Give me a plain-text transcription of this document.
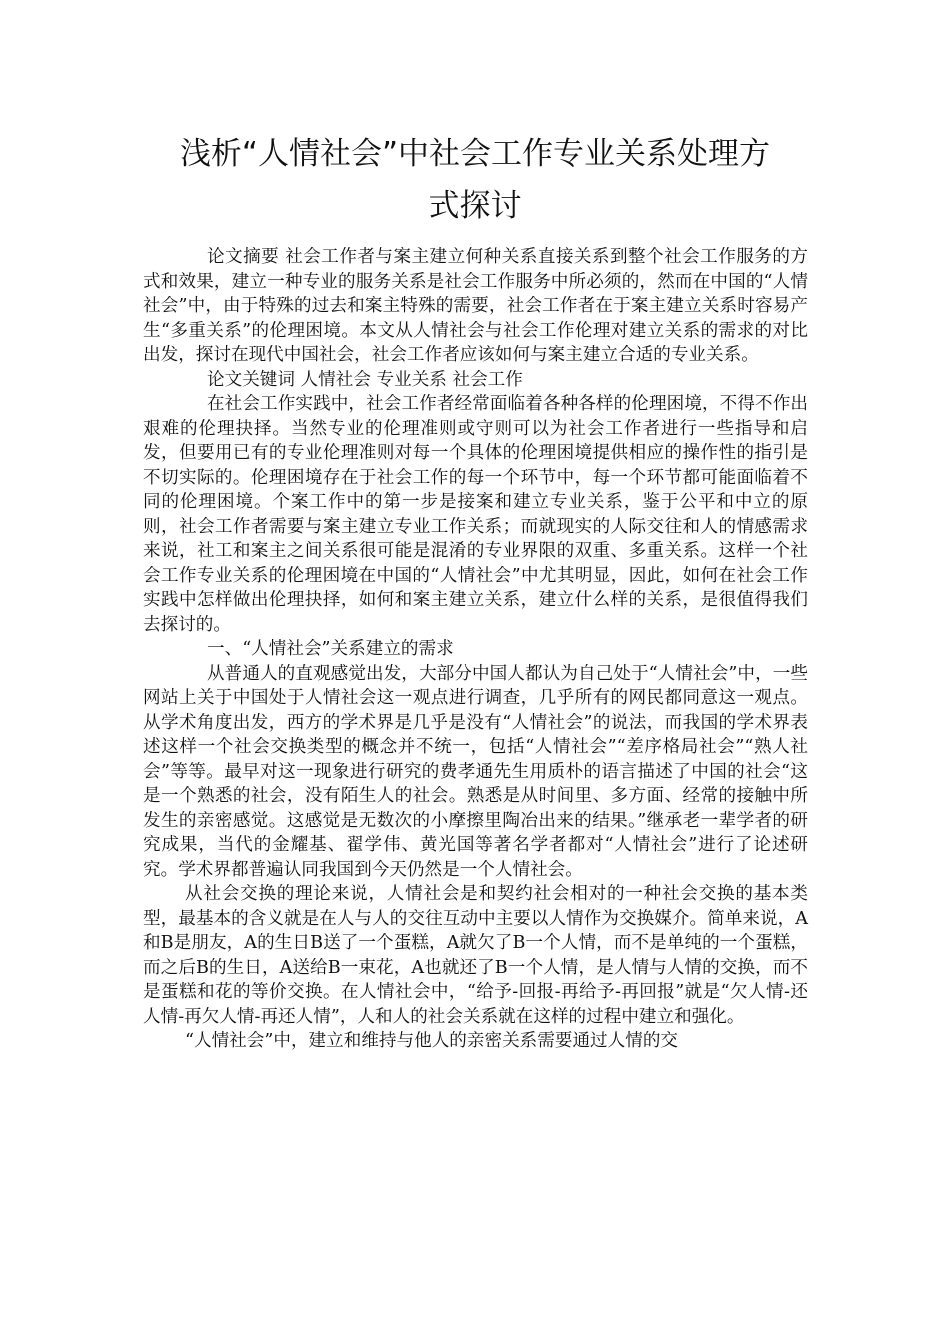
浅析“人情社会”中社会工作专业关系处理方
式探讨

论文摘要 社会工作者与案主建立何种关系直接关系到整个社会工作服务的方式和效果，建立一种专业的服务关系是社会工作服务中所必须的，然而在中国的“人情社会”中，由于特殊的过去和案主特殊的需要，社会工作者在于案主建立关系时容易产生“多重关系”的伦理困境。本文从人情社会与社会工作伦理对建立关系的需求的对比出发，探讨在现代中国社会，社会工作者应该如何与案主建立合适的专业关系。

论文关键词 人情社会 专业关系 社会工作

在社会工作实践中，社会工作者经常面临着各种各样的伦理困境，不得不作出艰难的伦理抉择。当然专业的伦理准则或守则可以为社会工作者进行一些指导和启发，但要用已有的专业伦理准则对每一个具体的伦理困境提供相应的操作性的指引是不切实际的。伦理困境存在于社会工作的每一个环节中，每一个环节都可能面临着不同的伦理困境。个案工作中的第一步是接案和建立专业关系，鉴于公平和中立的原则，社会工作者需要与案主建立专业工作关系；而就现实的人际交往和人的情感需求来说，社工和案主之间关系很可能是混淆的专业界限的双重、多重关系。这样一个社会工作专业关系的伦理困境在中国的“人情社会”中尤其明显，因此，如何在社会工作实践中怎样做出伦理抉择，如何和案主建立关系，建立什么样的关系，是很值得我们去探讨的。

一、“人情社会”关系建立的需求

从普通人的直观感觉出发，大部分中国人都认为自己处于“人情社会”中，一些网站上关于中国处于人情社会这一观点进行调查，几乎所有的网民都同意这一观点。从学术角度出发，西方的学术界是几乎是没有“人情社会”的说法，而我国的学术界表述这样一个社会交换类型的概念并不统一，包括“人情社会”“差序格局社会”“熟人社会”等等。最早对这一现象进行研究的费孝通先生用质朴的语言描述了中国的社会“这是一个熟悉的社会，没有陌生人的社会。熟悉是从时间里、多方面、经常的接触中所发生的亲密感觉。这感觉是无数次的小摩擦里陶冶出来的结果。”继承老一辈学者的研究成果，当代的金耀基、翟学伟、黄光国等著名学者都对“人情社会”进行了论述研究。学术界都普遍认同我国到今天仍然是一个人情社会。

从社会交换的理论来说，人情社会是和契约社会相对的一种社会交换的基本类型，最基本的含义就是在人与人的交往互动中主要以人情作为交换媒介。简单来说，A和B是朋友，A的生日B送了一个蛋糕，A就欠了B一个人情，而不是单纯的一个蛋糕，而之后B的生日，A送给B一束花，A也就还了B一个人情，是人情与人情的交换，而不是蛋糕和花的等价交换。在人情社会中，“给予-回报-再给予-再回报”就是“欠人情-还人情-再欠人情-再还人情”，人和人的社会关系就在这样的过程中建立和强化。

“人情社会”中，建立和维持与他人的亲密关系需要通过人情的交
